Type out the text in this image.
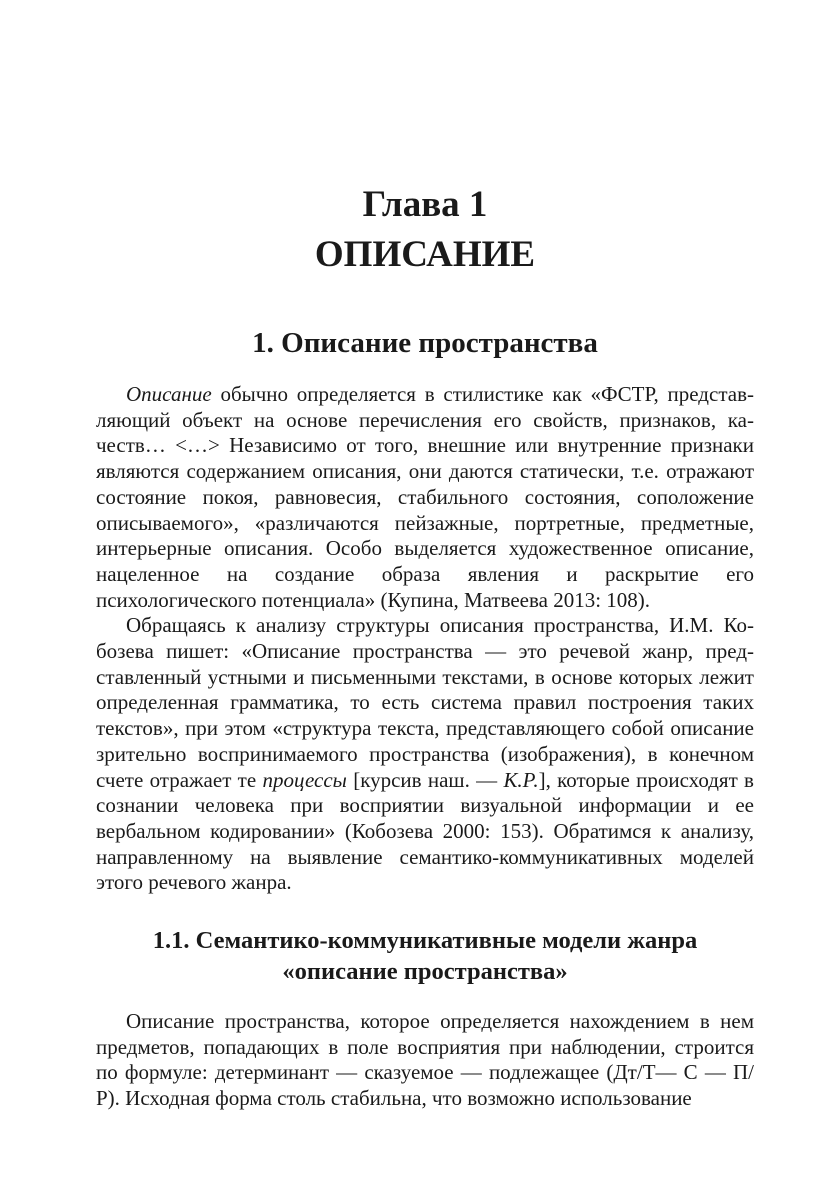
Глава 1
ОПИСАНИЕ
1. Описание пространства

Описание обычно определяется в стилистике как «ФСТР, представляющий объект на основе перечисления его свойств, признаков, качеств… <…> Независимо от того, внешние или внутренние признаки являются содержанием описания, они даются статически, т.е. отражают состояние покоя, равновесия, стабильного состояния, соположение описываемого», «различаются пейзажные, портретные, предметные, интерьерные описания. Особо выделяется художественное описание, нацеленное на создание образа явления и раскрытие его психологического потенциала» (Купина, Матвеева 2013: 108).

Обращаясь к анализу структуры описания пространства, И.М. Кобозева пишет: «Описание пространства — это речевой жанр, представленный устными и письменными текстами, в основе которых лежит определенная грамматика, то есть система правил построения таких текстов», при этом «структура текста, представляющего собой описание зрительно воспринимаемого пространства (изображения), в конечном счете отражает те процессы [курсив наш. — К.Р.], которые происходят в сознании человека при восприятии визуальной информации и ее вербальном кодировании» (Кобозева 2000: 153). Обратимся к анализу, направленному на выявление семантико-коммуникативных моделей этого речевого жанра.

1.1. Семантико-коммуникативные модели жанра
«описание пространства»

Описание пространства, которое определяется нахождением в нем предметов, попадающих в поле восприятия при наблюдении, строится по формуле: детерминант — сказуемое — подлежащее (Дт/Т— С — П/Р). Исходная форма столь стабильна, что возможно использование
